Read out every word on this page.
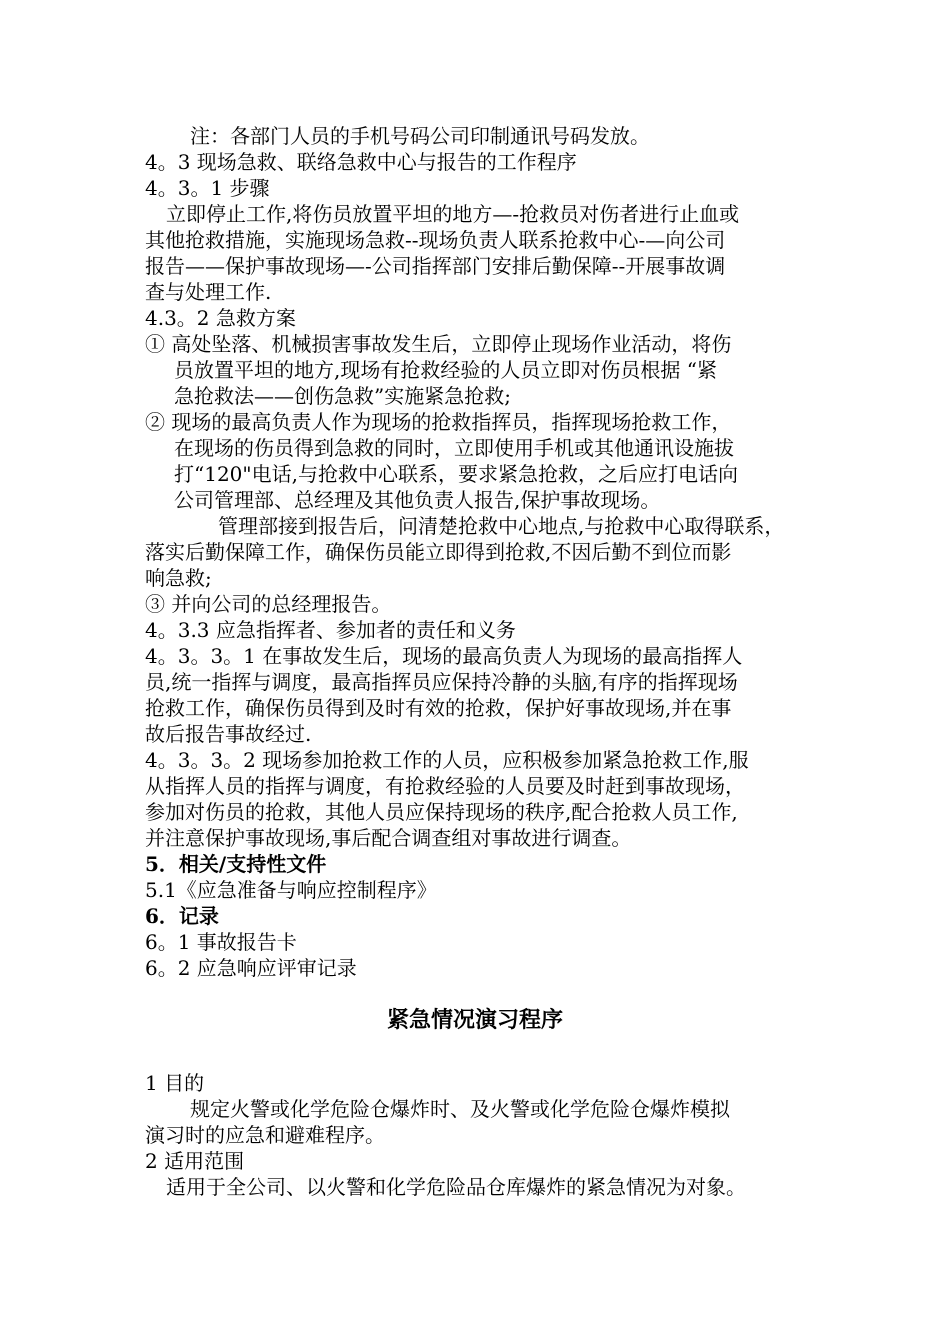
注：各部门人员的手机号码公司印制通讯号码发放。
4。3 现场急救、联络急救中心与报告的工作程序
4。3。1 步骤
立即停止工作,将伤员放置平坦的地方—-抢救员对伤者进行止血或
其他抢救措施，实施现场急救--现场负责人联系抢救中心-—向公司
报告——保护事故现场—-公司指挥部门安排后勤保障--开展事故调
查与处理工作.
4.3。2 急救方案
① 高处坠落、机械损害事故发生后，立即停止现场作业活动，将伤
员放置平坦的地方,现场有抢救经验的人员立即对伤员根据 “紧
急抢救法——创伤急救”实施紧急抢救;
② 现场的最高负责人作为现场的抢救指挥员，指挥现场抢救工作，
在现场的伤员得到急救的同时，立即使用手机或其他通讯设施拔
打“120"电话,与抢救中心联系，要求紧急抢救，之后应打电话向
公司管理部、总经理及其他负责人报告,保护事故现场。
管理部接到报告后，问清楚抢救中心地点,与抢救中心取得联系，
落实后勤保障工作，确保伤员能立即得到抢救,不因后勤不到位而影
响急救;
③ 并向公司的总经理报告。
4。3.3 应急指挥者、参加者的责任和义务
4。3。3。1 在事故发生后，现场的最高负责人为现场的最高指挥人
员,统一指挥与调度，最高指挥员应保持冷静的头脑,有序的指挥现场
抢救工作，确保伤员得到及时有效的抢救，保护好事故现场,并在事
故后报告事故经过.
4。3。3。2 现场参加抢救工作的人员，应积极参加紧急抢救工作,服
从指挥人员的指挥与调度，有抢救经验的人员要及时赶到事故现场，
参加对伤员的抢救，其他人员应保持现场的秩序,配合抢救人员工作,
并注意保护事故现场,事后配合调查组对事故进行调查。
5．相关/支持性文件
5.1《应急准备与响应控制程序》
6．记录
6。1 事故报告卡
6。2 应急响应评审记录
紧急情况演习程序
1 目的
规定火警或化学危险仓爆炸时、及火警或化学危险仓爆炸模拟
演习时的应急和避难程序。
2 适用范围
适用于全公司、以火警和化学危险品仓库爆炸的紧急情况为对象。
